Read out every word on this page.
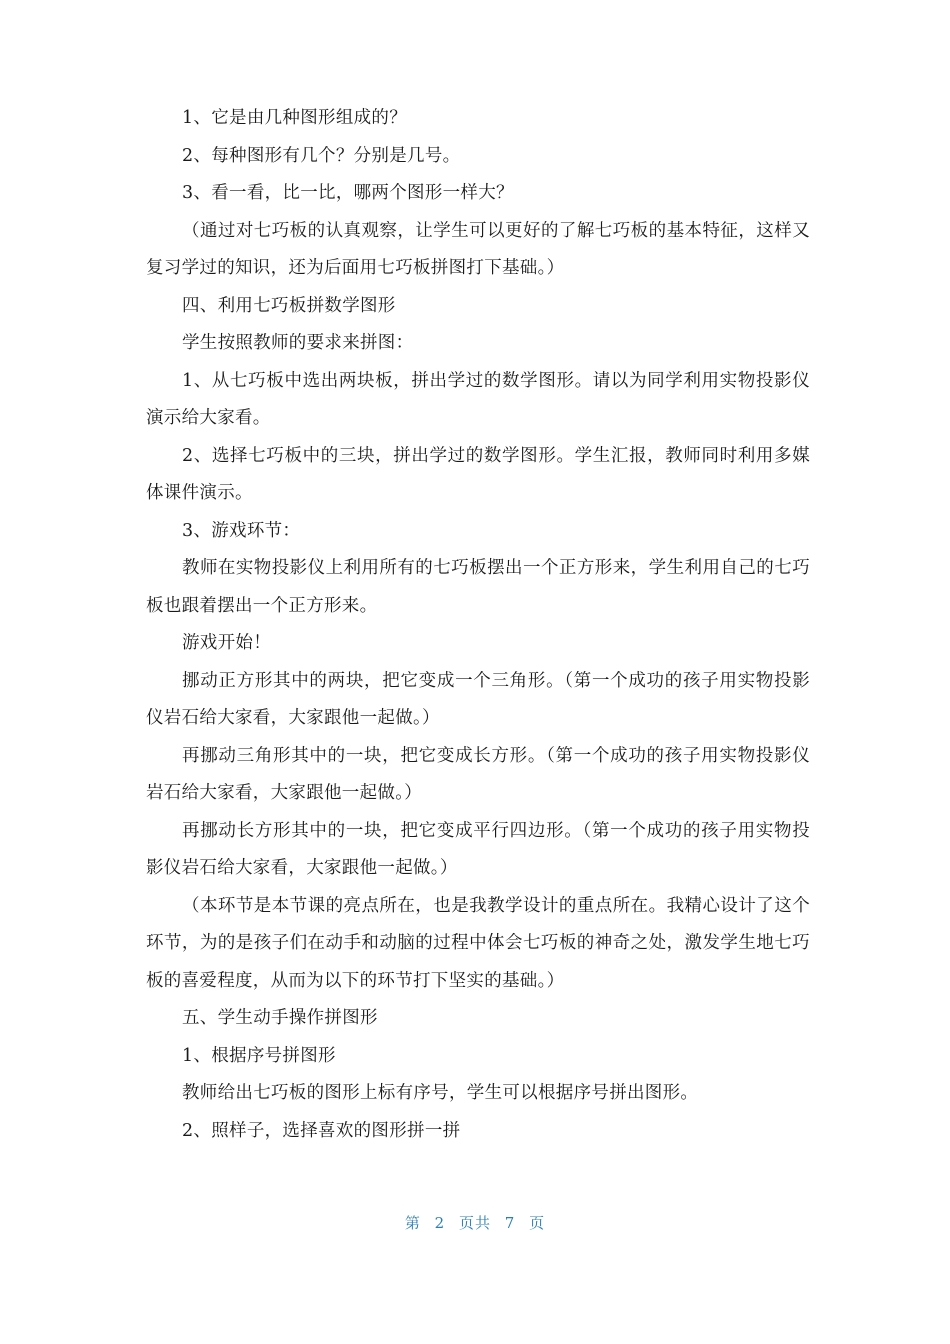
1、它是由几种图形组成的？

2、每种图形有几个？分别是几号。

3、看一看，比一比，哪两个图形一样大？

（通过对七巧板的认真观察，让学生可以更好的了解七巧板的基本特征，这样又复习学过的知识，还为后面用七巧板拼图打下基础。）

四、利用七巧板拼数学图形

学生按照教师的要求来拼图：

1、从七巧板中选出两块板，拼出学过的数学图形。请以为同学利用实物投影仪演示给大家看。

2、选择七巧板中的三块，拼出学过的数学图形。学生汇报，教师同时利用多媒体课件演示。

3、游戏环节：

教师在实物投影仪上利用所有的七巧板摆出一个正方形来，学生利用自己的七巧板也跟着摆出一个正方形来。

游戏开始！

挪动正方形其中的两块，把它变成一个三角形。（第一个成功的孩子用实物投影仪岩石给大家看，大家跟他一起做。）

再挪动三角形其中的一块，把它变成长方形。（第一个成功的孩子用实物投影仪岩石给大家看，大家跟他一起做。）

再挪动长方形其中的一块，把它变成平行四边形。（第一个成功的孩子用实物投影仪岩石给大家看，大家跟他一起做。）

（本环节是本节课的亮点所在，也是我教学设计的重点所在。我精心设计了这个环节，为的是孩子们在动手和动脑的过程中体会七巧板的神奇之处，激发学生地七巧板的喜爱程度，从而为以下的环节打下坚实的基础。）

五、学生动手操作拼图形

1、根据序号拼图形

教师给出七巧板的图形上标有序号，学生可以根据序号拼出图形。

2、照样子，选择喜欢的图形拼一拼

第 2 页共 7 页
